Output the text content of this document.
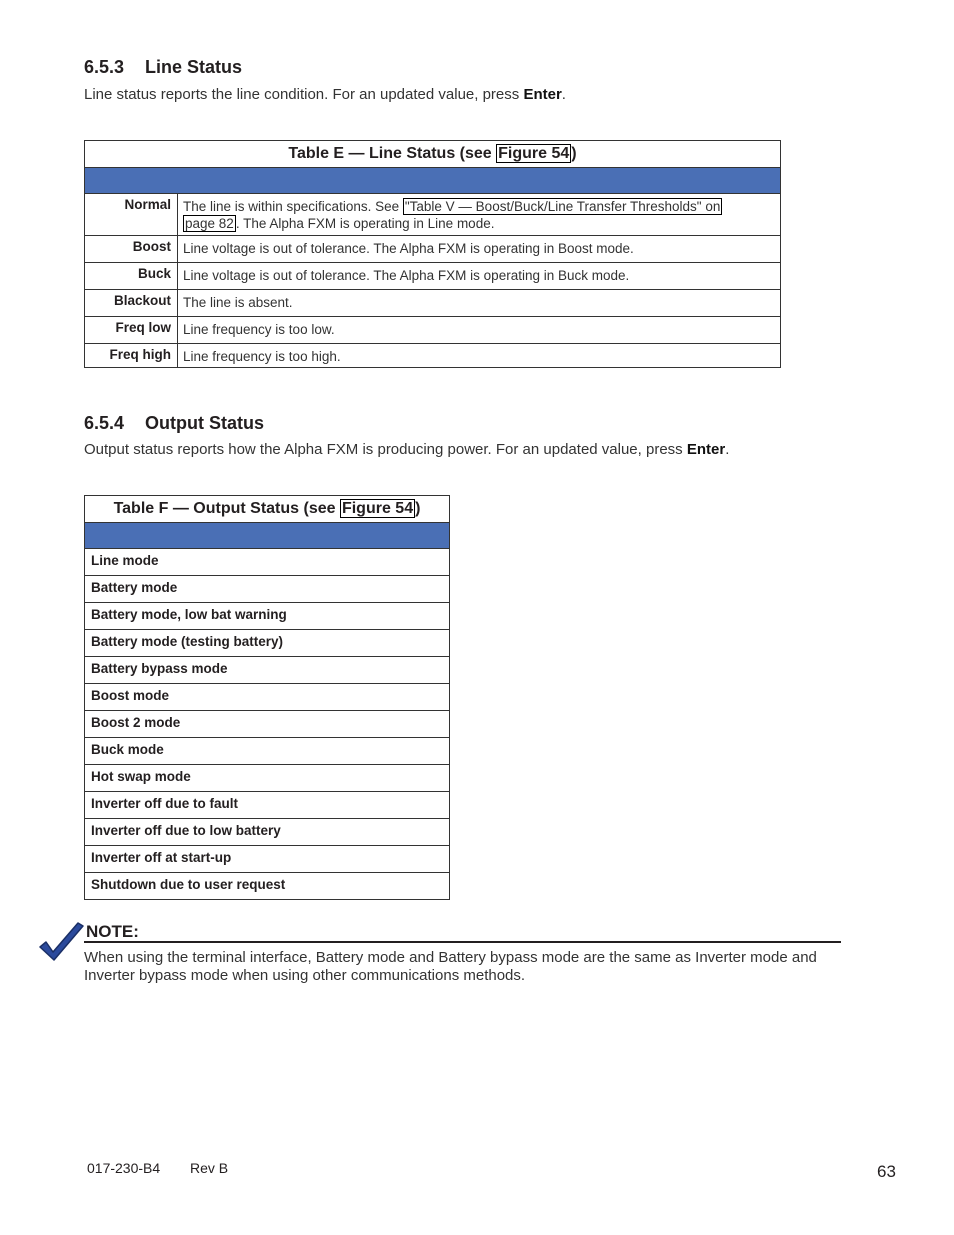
6.5.3 Line Status
Line status reports the line condition. For an updated value, press Enter.
Table E — Line Status (see Figure 54 )	

Normal	The line is within specifications. See "Table V — Boost/Buck/Line Transfer Thresholds" on
page 82 . The Alpha FXM is operating in Line mode.
Boost	Line voltage is out of tolerance. The Alpha FXM is operating in Boost mode.
Buck	Line voltage is out of tolerance. The Alpha FXM is operating in Buck mode.
Blackout	The line is absent.
Freq low	Line frequency is too low.
Freq high	Line frequency is too high.
6.5.4 Output Status
Output status reports how the Alpha FXM is producing power. For an updated value, press Enter.
Table F — Output Status (see Figure 54 )

Line mode
Battery mode
Battery mode, low bat warning
Battery mode (testing battery)
Battery bypass mode
Boost mode
Boost 2 mode
Buck mode
Hot swap mode
Inverter off due to fault
Inverter off due to low battery
Inverter off at start-up
Shutdown due to user request
NOTE:
When using the terminal interface, Battery mode and Battery bypass mode are the same as Inverter mode and Inverter bypass mode when using other communications methods.
017-230-B4 Rev B	63
